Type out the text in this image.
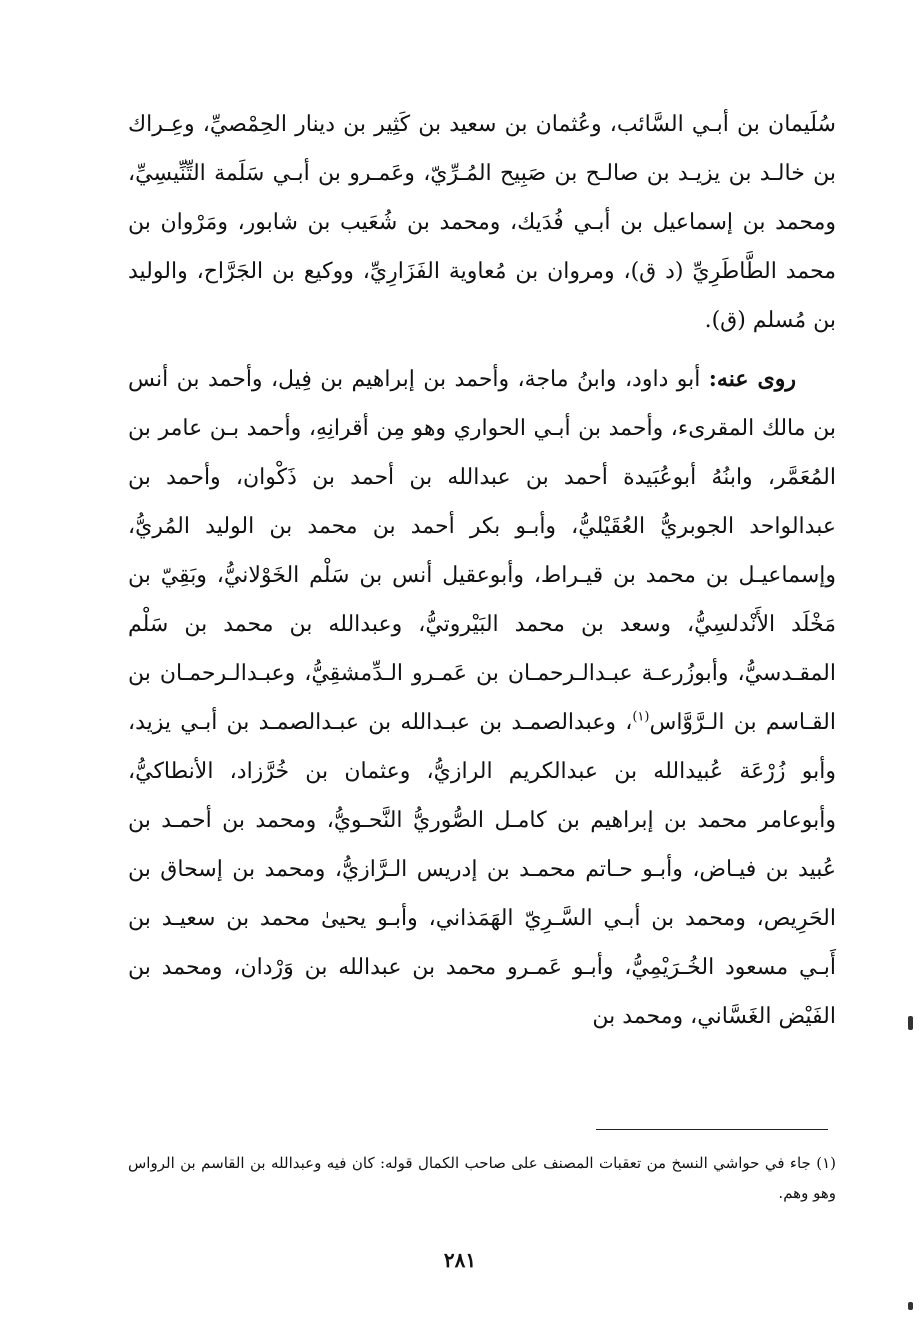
سُلَيمان بن أبـي السَّائب، وعُثمان بن سعيد بن كَثِير بن دينار الحِمْصيِّ، وعِـراك بن خالـد بن يزيـد بن صالـح بن صَبِيح المُـرِّيّ، وعَمـرو بن أبـي سَلَمة التِّنِّيسِيِّ، ومحمد بن إسماعيل بن أبـي فُدَيك، ومحمد بن شُعَيب بن شابور، ومَرْوان بن محمد الطَّاطَرِيِّ (د ق)، ومروان بن مُعاوية الفَزَارِيِّ، ووكيع بن الجَرَّاح، والوليد بن مُسلم (ق).

روى عنه: أبو داود، وابنُ ماجة، وأحمد بن إبراهيم بن فِيل، وأحمد بن أنس بن مالك المقرىء، وأحمد بن أبـي الحواري وهو مِن أقرانِهِ، وأحمد بـن عامر بن المُعَمَّر، وابنُهُ أبوعُبَيدة أحمد بن عبدالله بن أحمد بن ذَكْوان، وأحمد بن عبدالواحد الجوبريُّ العُقَيْليُّ، وأبـو بكر أحمد بن محمد بن الوليد المُريُّ، وإسماعيـل بن محمد بن قيـراط، وأبوعقيل أنس بن سَلْم الخَوْلانيُّ، وبَقِيّ بن مَخْلَد الأَنْدلسِيُّ، وسعد بن محمد البَيْروتيُّ، وعبدالله بن محمد بن سَلْم المقـدسيُّ، وأبوزُرعـة عبـدالـرحمـان بن عَمـرو الـدِّمشقِيُّ، وعبـدالـرحمـان بن القـاسم بن الـرَّوَّاس$^{(١)}$، وعبدالصمـد بن عبـدالله بن عبـدالصمـد بن أبـي يزيد، وأبو زُرْعَة عُبيدالله بن عبدالكريم الرازيُّ، وعثمان بن خُرَّزاد، الأنطاكيُّ، وأبوعامر محمد بن إبراهيم بن كامـل الصُّوريُّ النَّحـويُّ، ومحمد بن أحمـد بن عُبيد بن فيـاض، وأبـو حـاتم محمـد بن إدريس الـرَّازيُّ، ومحمد بن إسحاق بن الحَرِيص، ومحمد بن أبـي السَّـرِيّ الهَمَذاني، وأبـو يحيىٰ محمد بن سعيـد بن أَبـي مسعود الخُـرَيْمِيُّ، وأبـو عَمـرو محمد بن عبدالله بن وَرْدان، ومحمد بن الفَيْض الغَسَّاني، ومحمد بن

(١) جاء في حواشي النسخ من تعقبات المصنف على صاحب الكمال قوله: كان فيه وعبدالله بن القاسم بن الرواس وهو وهم.

٢٨١
